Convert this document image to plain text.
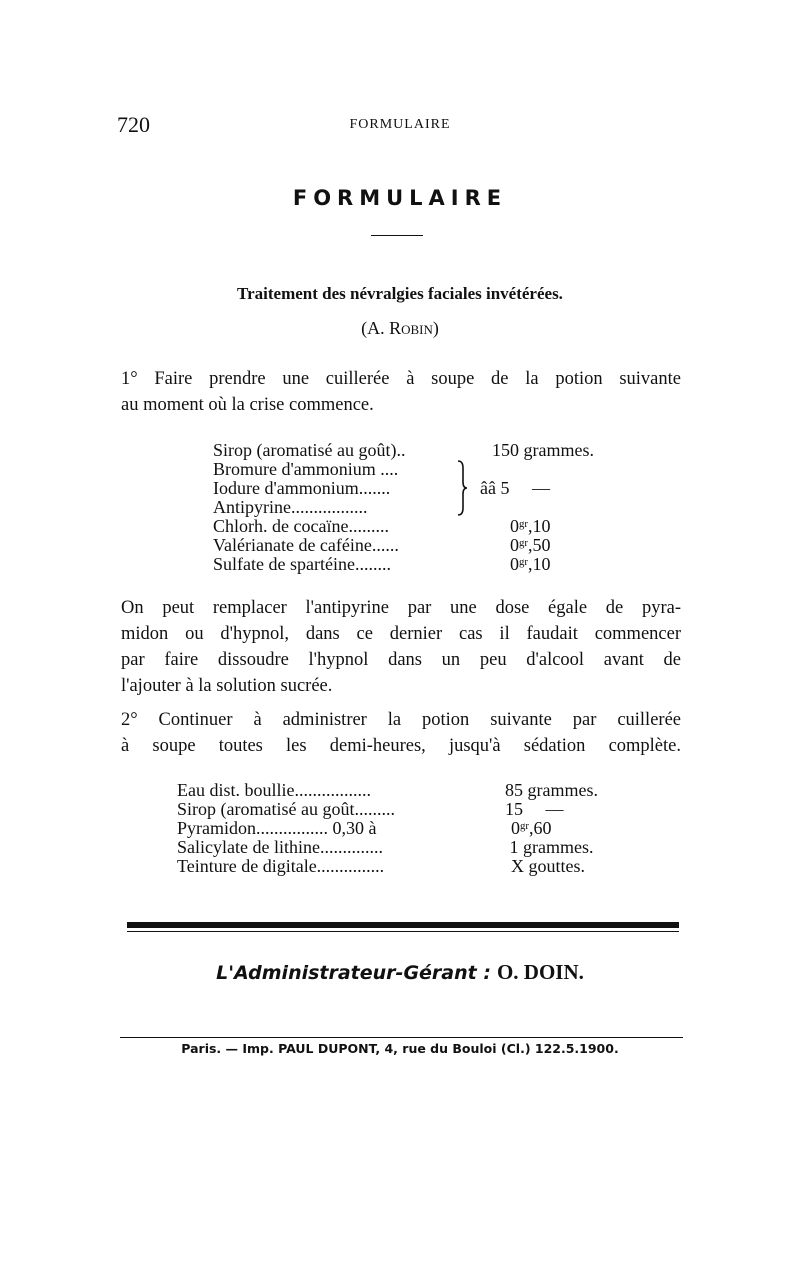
720	FORMULAIRE
FORMULAIRE
Traitement des névralgies faciales invétérées.
(A. Robin)
1° Faire prendre une cuillerée à soupe de la potion suivante
au moment où la crise commence.
Sirop (aromatisé au goût)..	150 grammes.
Bromure d'ammonium ....
Iodure d'ammonium.......	ââ 5     —
Antipyrine.................
Chlorh. de cocaïne.........	$0^{gr},10$
Valérianate de caféine......	$0^{gr},50$
Sulfate de spartéine........	$0^{gr},10$
On peut remplacer l'antipyrine par une dose égale de pyra-
midon ou d'hypnol, dans ce dernier cas il faudait commencer
par faire dissoudre l'hypnol dans un peu d'alcool avant de
l'ajouter à la solution sucrée.
2° Continuer à administrer la potion suivante par cuillerée
à soupe toutes les demi-heures, jusqu'à sédation complète.
Eau dist. boullie.................	85 grammes.
Sirop (aromatisé au goût.........	15     —
Pyramidon................ 0,30 à	$0^{gr},60$
Salicylate de lithine..............	1 grammes.
Teinture de digitale...............	X gouttes.
L'Administrateur-Gérant : O. DOIN.
Paris. — Imp. PAUL DUPONT, 4, rue du Bouloi (Cl.) 122.5.1900.
